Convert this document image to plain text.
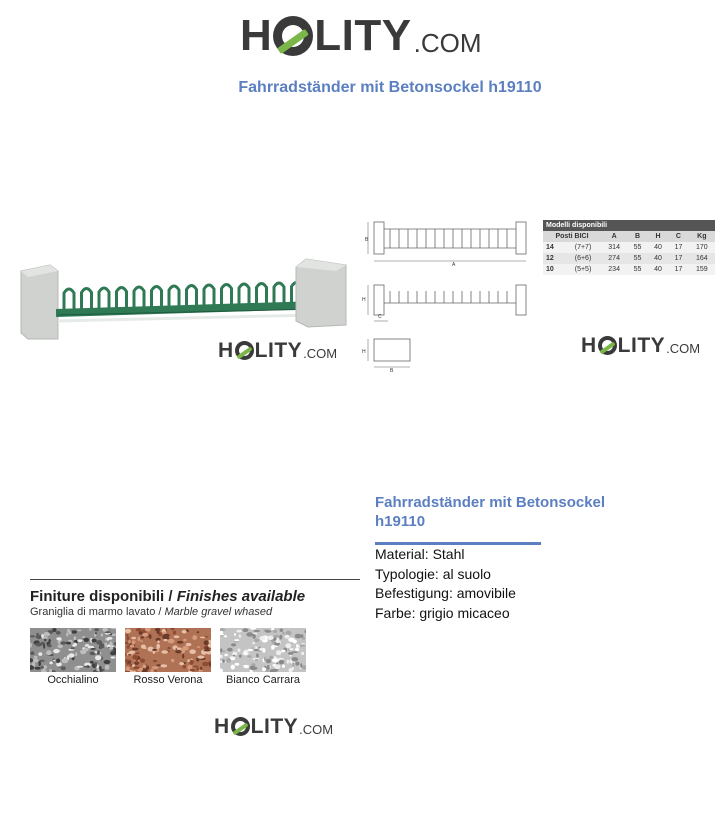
H LITY .COM
Fahrradständer mit Betonsockel h19110
H LITY .COM
B
A
H
C
H
B
Modelli disponibili						
Posti BICI		A	B	H	C	Kg
14	(7+7)	314	55	40	17	170
12	(6+6)	274	55	40	17	164
10	(5+5)	234	55	40	17	159
H LITY .COM
Fahrradständer mit Betonsockel
h19110
Material: Stahl
Typologie: al suolo
Befestigung: amovibile
Farbe: grigio micaceo
Finiture disponibili / Finishes available
Graniglia di marmo lavato / Marble gravel whased
Occhialino	Rosso Verona	Bianco Carrara
H LITY .COM
